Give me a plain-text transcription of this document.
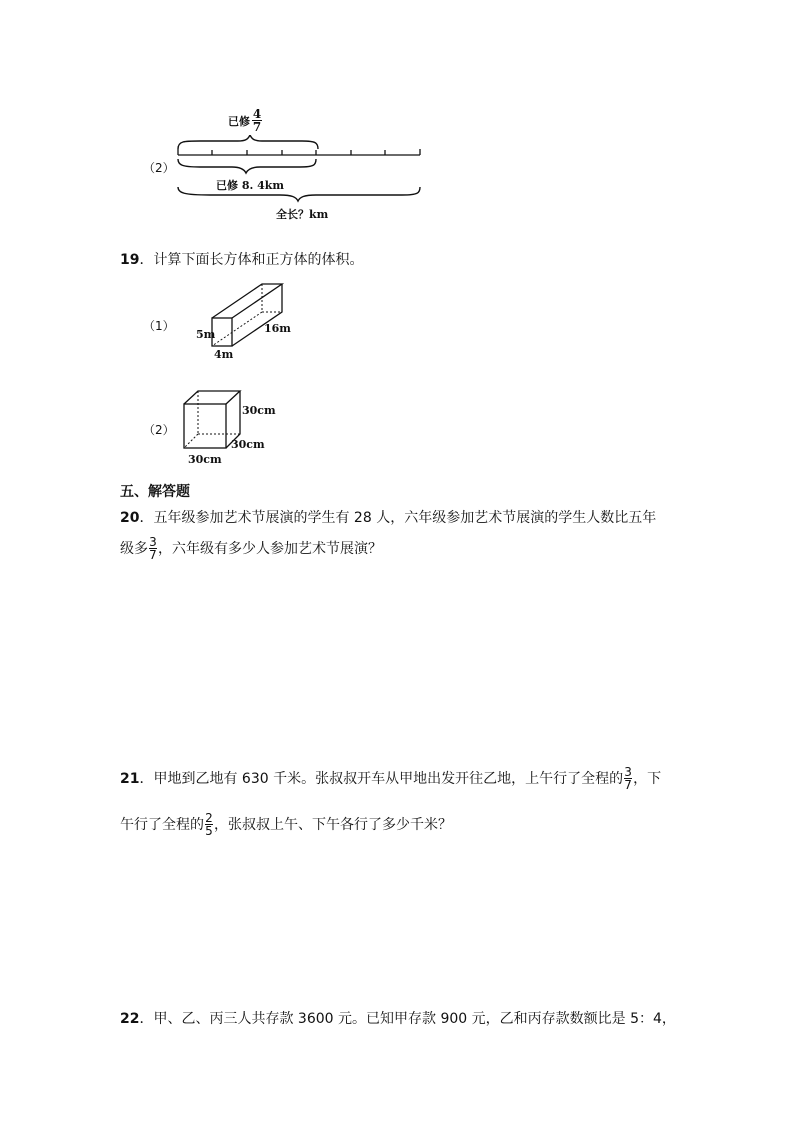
（2）
已修 $\frac{4}{7}$
已修 8. 4km
全长？km
19．计算下面长方体和正方体的体积。
（1）
5m
4m
16m
（2）
30cm
30cm
30cm
五、解答题
20．五年级参加艺术节展演的学生有 28 人，六年级参加艺术节展演的学生人数比五年
级多 $\frac{3}{7}$ ，六年级有多少人参加艺术节展演？
21 ．甲地到乙地有 630 千米。张叔叔开车从甲地出发开往乙地，上午行了全程的 $\frac{3}{7}$ ，下
午行了全程的 $\frac{2}{5}$ ，张叔叔上午、下午各行了多少千米？
22．甲、乙、丙三人共存款 3600 元。已知甲存款 900 元，乙和丙存款数额比是 5：4，
